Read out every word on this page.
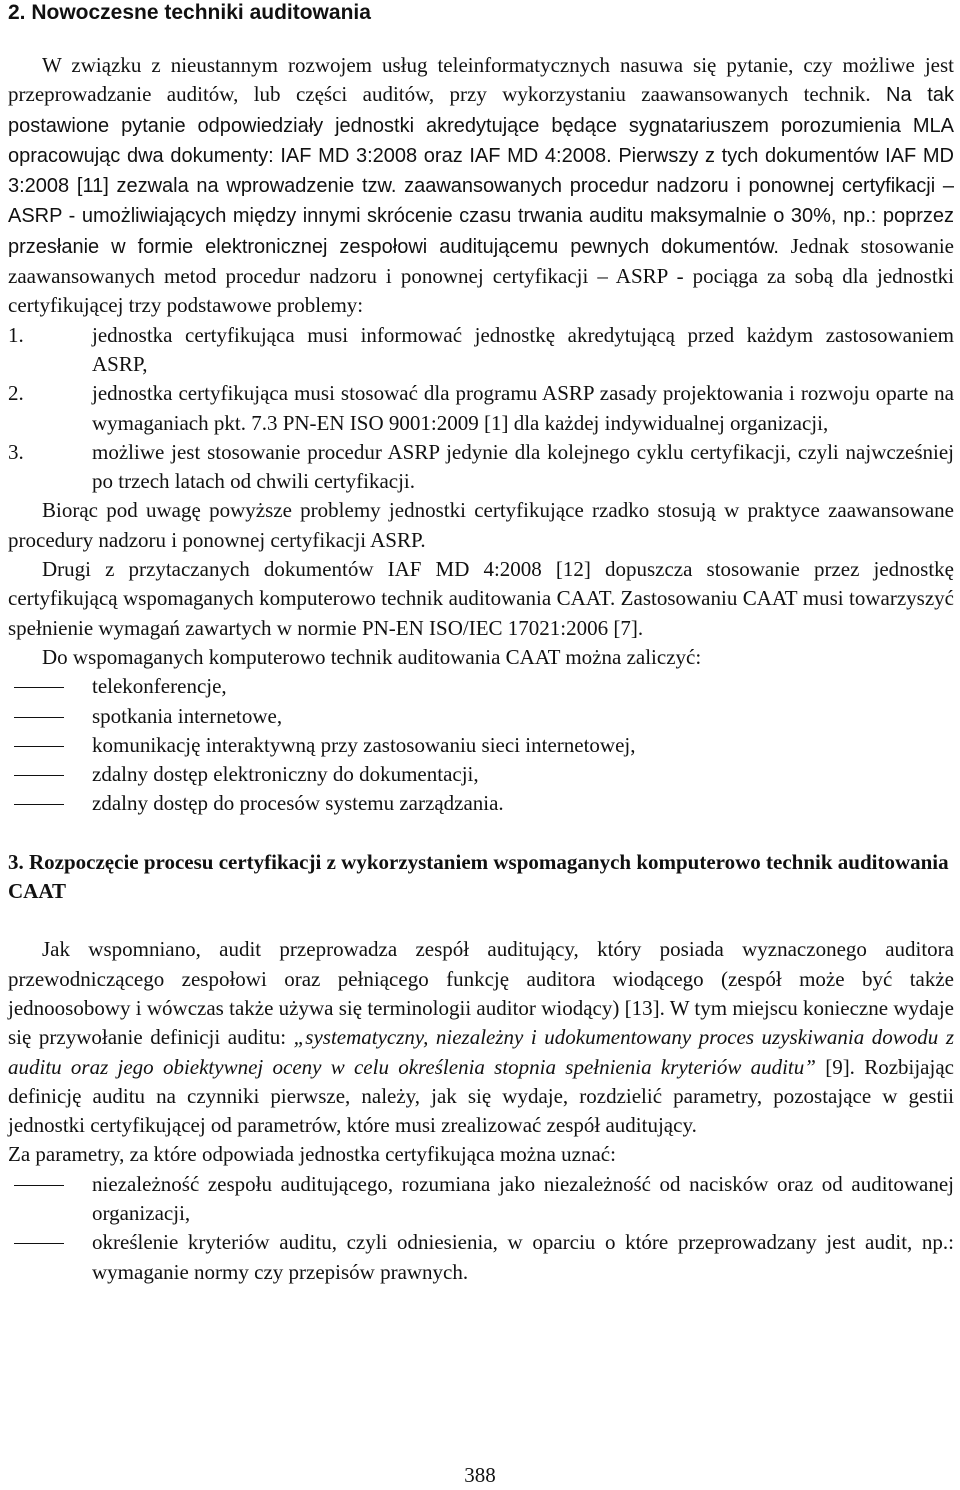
2. Nowoczesne techniki auditowania

W związku z nieustannym rozwojem usług teleinformatycznych nasuwa się pytanie, czy możliwe jest przeprowadzanie auditów, lub części auditów, przy wykorzystaniu zaawansowanych technik. Na tak postawione pytanie odpowiedziały jednostki akredytujące będące sygnatariuszem porozumienia MLA opracowując dwa dokumenty: IAF MD 3:2008 oraz IAF MD 4:2008. Pierwszy z tych dokumentów IAF MD 3:2008 [11] zezwala na wprowadzenie tzw. zaawansowanych procedur nadzoru i ponownej certyfikacji – ASRP - umożliwiających między innymi skrócenie czasu trwania auditu maksymalnie o 30%, np.: poprzez przesłanie w formie elektronicznej zespołowi auditującemu pewnych dokumentów. Jednak stosowanie zaawansowanych metod procedur nadzoru i ponownej certyfikacji – ASRP - pociąga za sobą dla jednostki certyfikującej trzy podstawowe problemy:

1.	jednostka certyfikująca musi informować jednostkę akredytującą przed każdym zastosowaniem ASRP,
2.	jednostka certyfikująca musi stosować dla programu ASRP zasady projektowania i rozwoju oparte na wymaganiach pkt. 7.3 PN-EN ISO 9001:2009 [1] dla każdej indywidualnej organizacji,
3.	możliwe jest stosowanie procedur ASRP jedynie dla kolejnego cyklu certyfikacji, czyli najwcześniej po trzech latach od chwili certyfikacji.

Biorąc pod uwagę powyższe problemy jednostki certyfikujące rzadko stosują w praktyce zaawansowane procedury nadzoru i ponownej certyfikacji ASRP.

Drugi z przytaczanych dokumentów IAF MD 4:2008 [12] dopuszcza stosowanie przez jednostkę certyfikującą wspomaganych komputerowo technik auditowania CAAT. Zastosowaniu CAAT musi towarzyszyć spełnienie wymagań zawartych w normie PN-EN ISO/IEC 17021:2006 [7].

Do wspomaganych komputerowo technik auditowania CAAT można zaliczyć:

telekonferencje,
spotkania internetowe,
komunikację interaktywną przy zastosowaniu sieci internetowej,
zdalny dostęp elektroniczny do dokumentacji,
zdalny dostęp do procesów systemu zarządzania.
3. Rozpoczęcie procesu certyfikacji z wykorzystaniem wspomaganych komputerowo technik auditowania CAAT

Jak wspomniano, audit przeprowadza zespół auditujący, który posiada wyznaczonego auditora przewodniczącego zespołowi oraz pełniącego funkcję auditora wiodącego (zespół może być także jednoosobowy i wówczas także używa się terminologii auditor wiodący) [13]. W tym miejscu konieczne wydaje się przywołanie definicji auditu: „systematyczny, niezależny i udokumentowany proces uzyskiwania dowodu z auditu oraz jego obiektywnej oceny w celu określenia stopnia spełnienia kryteriów auditu” [9]. Rozbijając definicję auditu na czynniki pierwsze, należy, jak się wydaje, rozdzielić parametry, pozostające w gestii jednostki certyfikującej od parametrów, które musi zrealizować zespół auditujący.

Za parametry, za które odpowiada jednostka certyfikująca można uznać:

niezależność zespołu auditującego, rozumiana jako niezależność od nacisków oraz od auditowanej organizacji,
określenie kryteriów auditu, czyli odniesienia, w oparciu o które przeprowadzany jest audit, np.: wymaganie normy czy przepisów prawnych.
388
